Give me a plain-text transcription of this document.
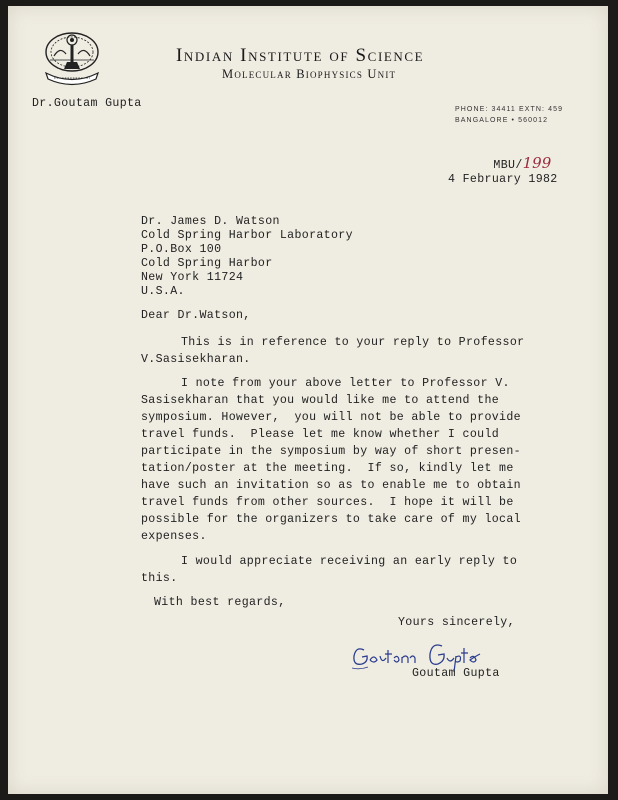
Indian Institute of Science
Molecular Biophysics Unit
Dr.Goutam Gupta	PHONE: 34411 EXTN: 459
BANGALORE • 560012

MBU/199

4 February 1982

Dr. James D. Watson

Cold Spring Harbor Laboratory

P.O.Box 100

Cold Spring Harbor

New York 11724

U.S.A.

Dear Dr.Watson,

This is in reference to your reply to Professor

V.Sasisekharan.

I note from your above letter to Professor V.

Sasisekharan that you would like me to attend the

symposium. However,  you will not be able to provide

travel funds.  Please let me know whether I could

participate in the symposium by way of short presen-

tation/poster at the meeting.  If so, kindly let me

have such an invitation so as to enable me to obtain

travel funds from other sources.  I hope it will be

possible for the organizers to take care of my local

expenses.

I would appreciate receiving an early reply to

this.

With best regards,
Yours sincerely,
Goutam Gupta
